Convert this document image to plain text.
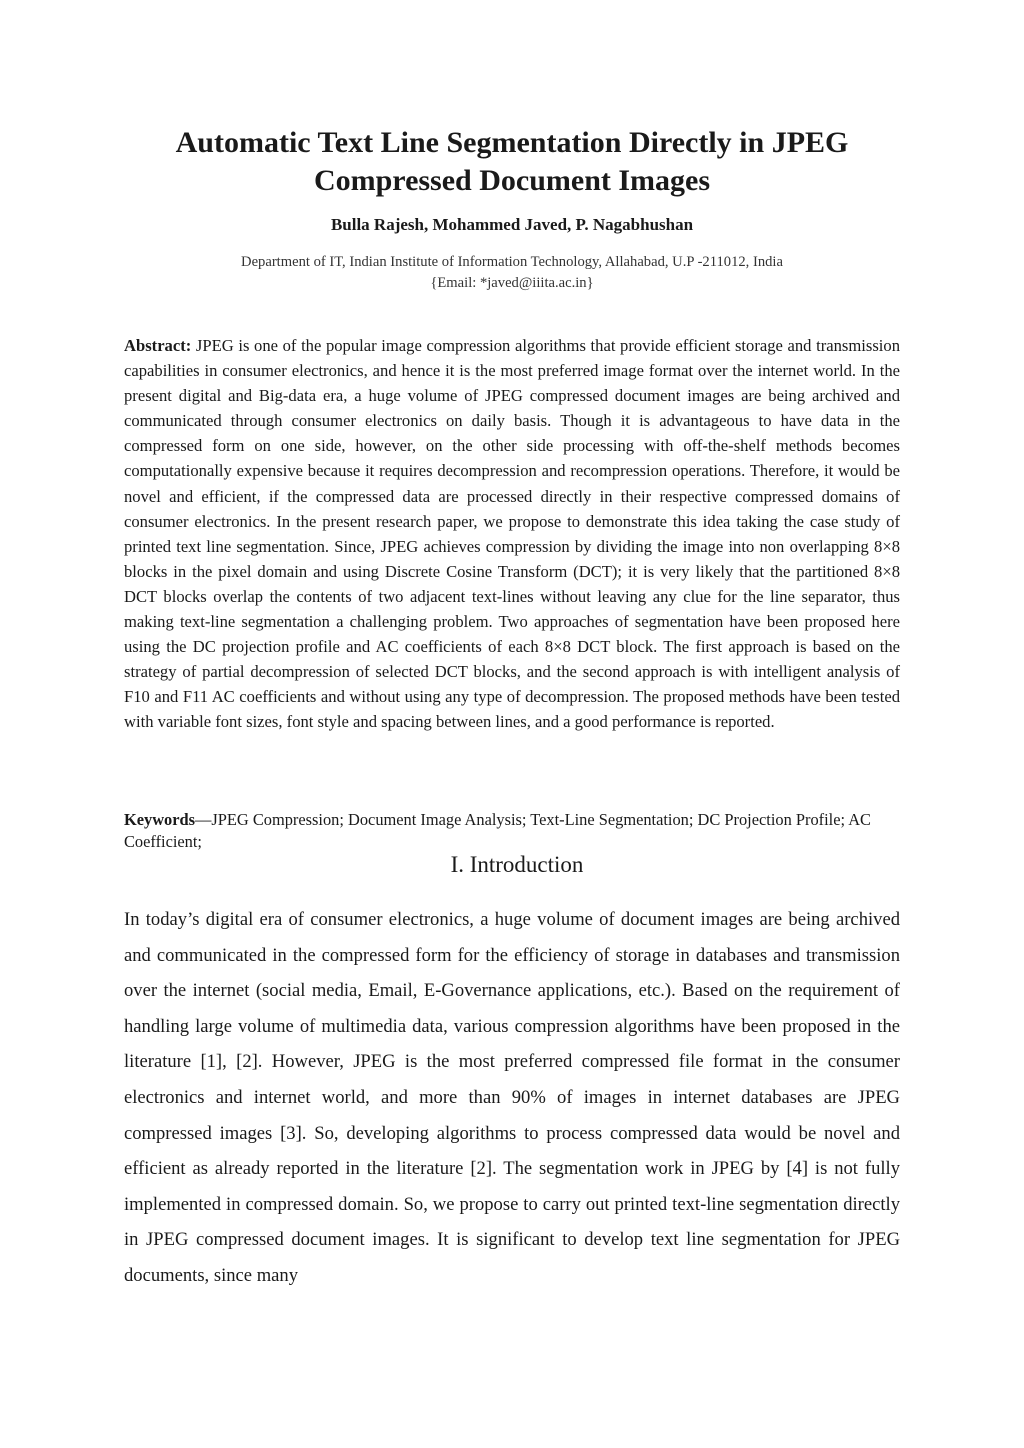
Automatic Text Line Segmentation Directly in JPEG
Compressed Document Images

Bulla Rajesh, Mohammed Javed, P. Nagabhushan

Department of IT, Indian Institute of Information Technology, Allahabad, U.P -211012, India
{Email: *javed@iiita.ac.in}

Abstract: JPEG is one of the popular image compression algorithms that provide efficient storage and transmission capabilities in consumer electronics, and hence it is the most preferred image format over the internet world. In the present digital and Big-data era, a huge volume of JPEG compressed document images are being archived and communicated through consumer electronics on daily basis. Though it is advantageous to have data in the compressed form on one side, however, on the other side processing with off-the-shelf methods becomes computationally expensive because it requires decompression and recompression operations. Therefore, it would be novel and efficient, if the compressed data are processed directly in their respective compressed domains of consumer electronics. In the present research paper, we propose to demonstrate this idea taking the case study of printed text line segmentation. Since, JPEG achieves compression by dividing the image into non overlapping 8×8 blocks in the pixel domain and using Discrete Cosine Transform (DCT); it is very likely that the partitioned 8×8 DCT blocks overlap the contents of two adjacent text-lines without leaving any clue for the line separator, thus making text-line segmentation a challenging problem. Two approaches of segmentation have been proposed here using the DC projection profile and AC coefficients of each 8×8 DCT block. The first approach is based on the strategy of partial decompression of selected DCT blocks, and the second approach is with intelligent analysis of F10 and F11 AC coefficients and without using any type of decompression. The proposed methods have been tested with variable font sizes, font style and spacing between lines, and a good performance is reported.

Keywords—JPEG Compression; Document Image Analysis; Text-Line Segmentation; DC Projection Profile; AC Coefficient;

I. Introduction

In today’s digital era of consumer electronics, a huge volume of document images are being archived and communicated in the compressed form for the efficiency of storage in databases and transmission over the internet (social media, Email, E-Governance applications, etc.). Based on the requirement of handling large volume of multimedia data, various compression algorithms have been proposed in the literature [1], [2]. However, JPEG is the most preferred compressed file format in the consumer electronics and internet world, and more than 90% of images in internet databases are JPEG compressed images [3]. So, developing algorithms to process compressed data would be novel and efficient as already reported in the literature [2]. The segmentation work in JPEG by [4] is not fully implemented in compressed domain. So, we propose to carry out printed text-line segmentation directly in JPEG compressed document images. It is significant to develop text line segmentation for JPEG documents, since many
